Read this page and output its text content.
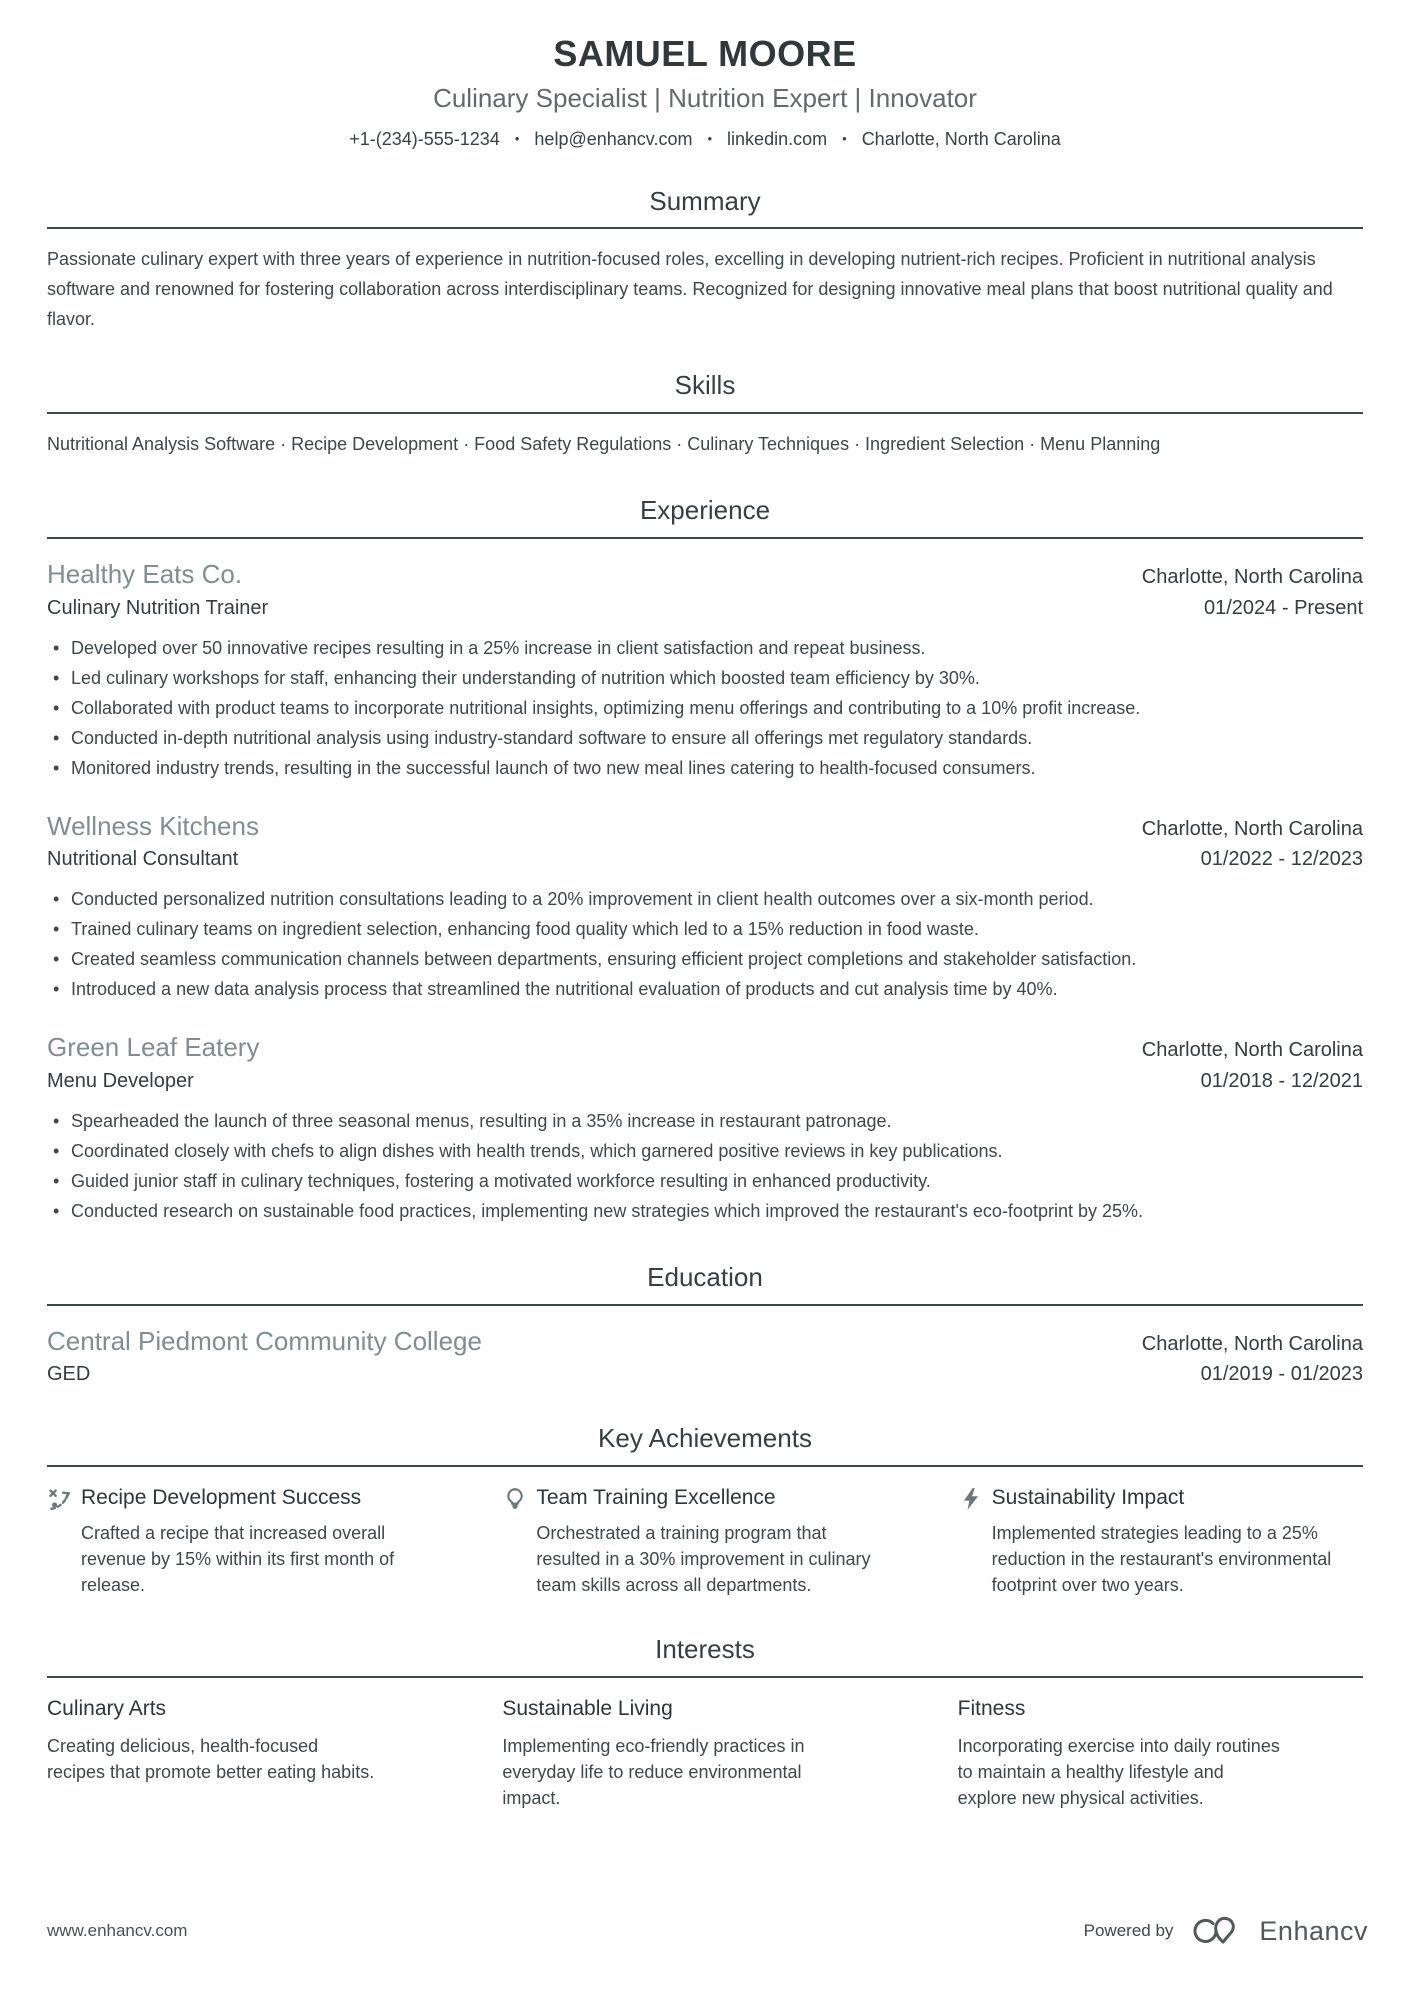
SAMUEL MOORE
Culinary Specialist | Nutrition Expert | Innovator
+1-(234)-555-1234 • help@enhancv.com • linkedin.com • Charlotte, North Carolina
Summary

Passionate culinary expert with three years of experience in nutrition-focused roles, excelling in developing nutrient-rich recipes. Proficient in nutritional analysis software and renowned for fostering collaboration across interdisciplinary teams. Recognized for designing innovative meal plans that boost nutritional quality and flavor.

Skills

Nutritional Analysis Software · Recipe Development · Food Safety Regulations · Culinary Techniques · Ingredient Selection · Menu Planning

Experience
Healthy Eats Co.	Charlotte, North Carolina
Culinary Nutrition Trainer	01/2024 - Present
• Developed over 50 innovative recipes resulting in a 25% increase in client satisfaction and repeat business.
• Led culinary workshops for staff, enhancing their understanding of nutrition which boosted team efficiency by 30%.
• Collaborated with product teams to incorporate nutritional insights, optimizing menu offerings and contributing to a 10% profit increase.
• Conducted in-depth nutritional analysis using industry-standard software to ensure all offerings met regulatory standards.
• Monitored industry trends, resulting in the successful launch of two new meal lines catering to health-focused consumers.
Wellness Kitchens	Charlotte, North Carolina
Nutritional Consultant	01/2022 - 12/2023
• Conducted personalized nutrition consultations leading to a 20% improvement in client health outcomes over a six-month period.
• Trained culinary teams on ingredient selection, enhancing food quality which led to a 15% reduction in food waste.
• Created seamless communication channels between departments, ensuring efficient project completions and stakeholder satisfaction.
• Introduced a new data analysis process that streamlined the nutritional evaluation of products and cut analysis time by 40%.
Green Leaf Eatery	Charlotte, North Carolina
Menu Developer	01/2018 - 12/2021
• Spearheaded the launch of three seasonal menus, resulting in a 35% increase in restaurant patronage.
• Coordinated closely with chefs to align dishes with health trends, which garnered positive reviews in key publications.
• Guided junior staff in culinary techniques, fostering a motivated workforce resulting in enhanced productivity.
• Conducted research on sustainable food practices, implementing new strategies which improved the restaurant's eco-footprint by 25%.
Education
Central Piedmont Community College	Charlotte, North Carolina
GED	01/2019 - 01/2023
Key Achievements
Recipe Development Success
Crafted a recipe that increased overall revenue by 15% within its first month of release.
Team Training Excellence
Orchestrated a training program that resulted in a 30% improvement in culinary team skills across all departments.
Sustainability Impact
Implemented strategies leading to a 25% reduction in the restaurant's environmental footprint over two years.
Interests
Culinary Arts
Creating delicious, health-focused recipes that promote better eating habits.
Sustainable Living
Implementing eco-friendly practices in everyday life to reduce environmental impact.
Fitness
Incorporating exercise into daily routines to maintain a healthy lifestyle and explore new physical activities.
www.enhancv.com	Powered by	Enhancv
